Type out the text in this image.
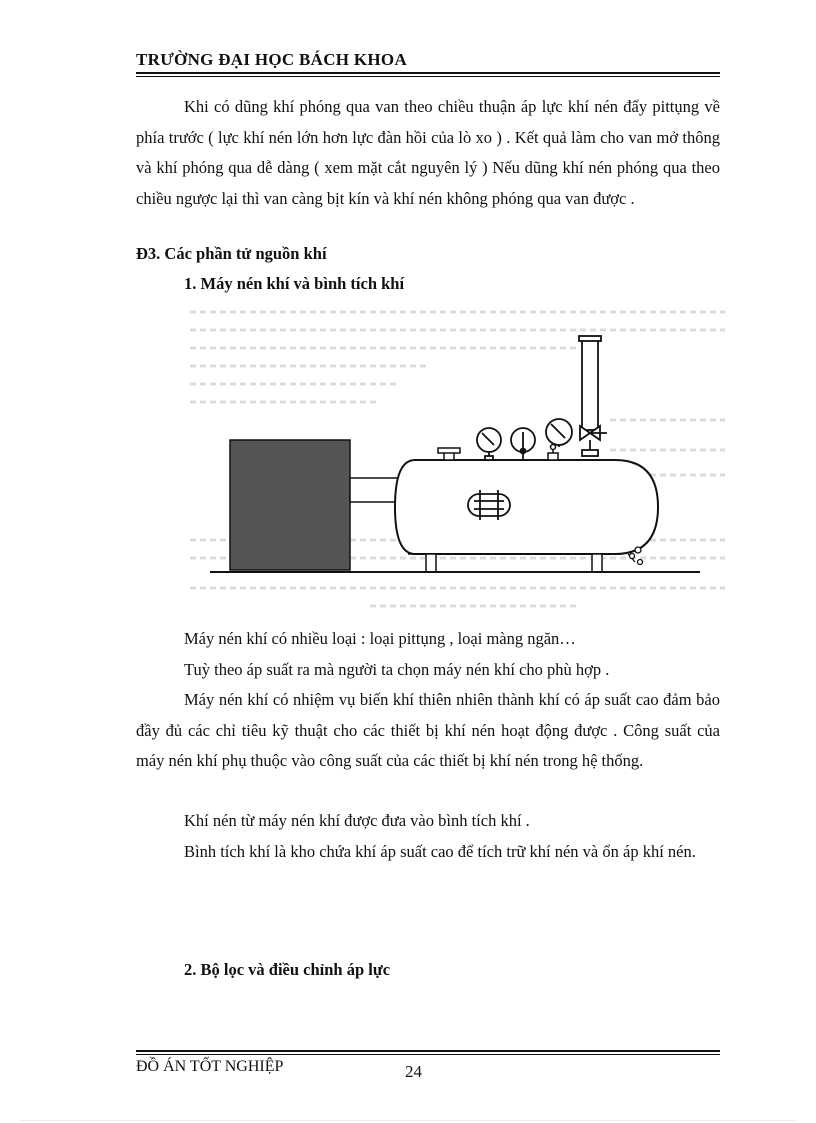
TRƯỜNG ĐẠI HỌC BÁCH KHOA

Khi có dũng khí phóng qua van theo chiều thuận áp lực khí nén đẩy pittụng về phía trước ( lực khí nén lớn hơn lực đàn hồi của lò xo ) . Kết quả làm cho van mở thông và khí phóng qua dễ dàng ( xem mặt cắt nguyên lý ) Nếu dũng khí nén phóng qua theo chiều ngược lại thì van càng bịt kín và khí nén không phóng qua van được .

Đ3. Các phần tử nguồn khí

1. Máy nén khí và bình tích khí

Máy nén khí có nhiều loại : loại pittụng , loại màng ngăn…

Tuỳ theo áp suất ra mà người ta chọn máy nén khí cho phù hợp .

Máy nén khí có nhiệm vụ biến khí thiên nhiên thành khí có áp suất cao đảm bảo đầy đủ các chỉ tiêu kỹ thuật cho các thiết bị khí nén hoạt động được . Công suất của máy nén khí phụ thuộc vào công suất của các thiết bị khí nén trong hệ thống.

Khí nén từ máy nén khí được đưa vào bình tích khí .

Bình tích khí là kho chứa khí áp suất cao để tích trữ khí nén và ổn áp khí nén.

2. Bộ lọc và điều chỉnh áp lực

ĐỒ ÁN TỐT NGHIỆP	24
